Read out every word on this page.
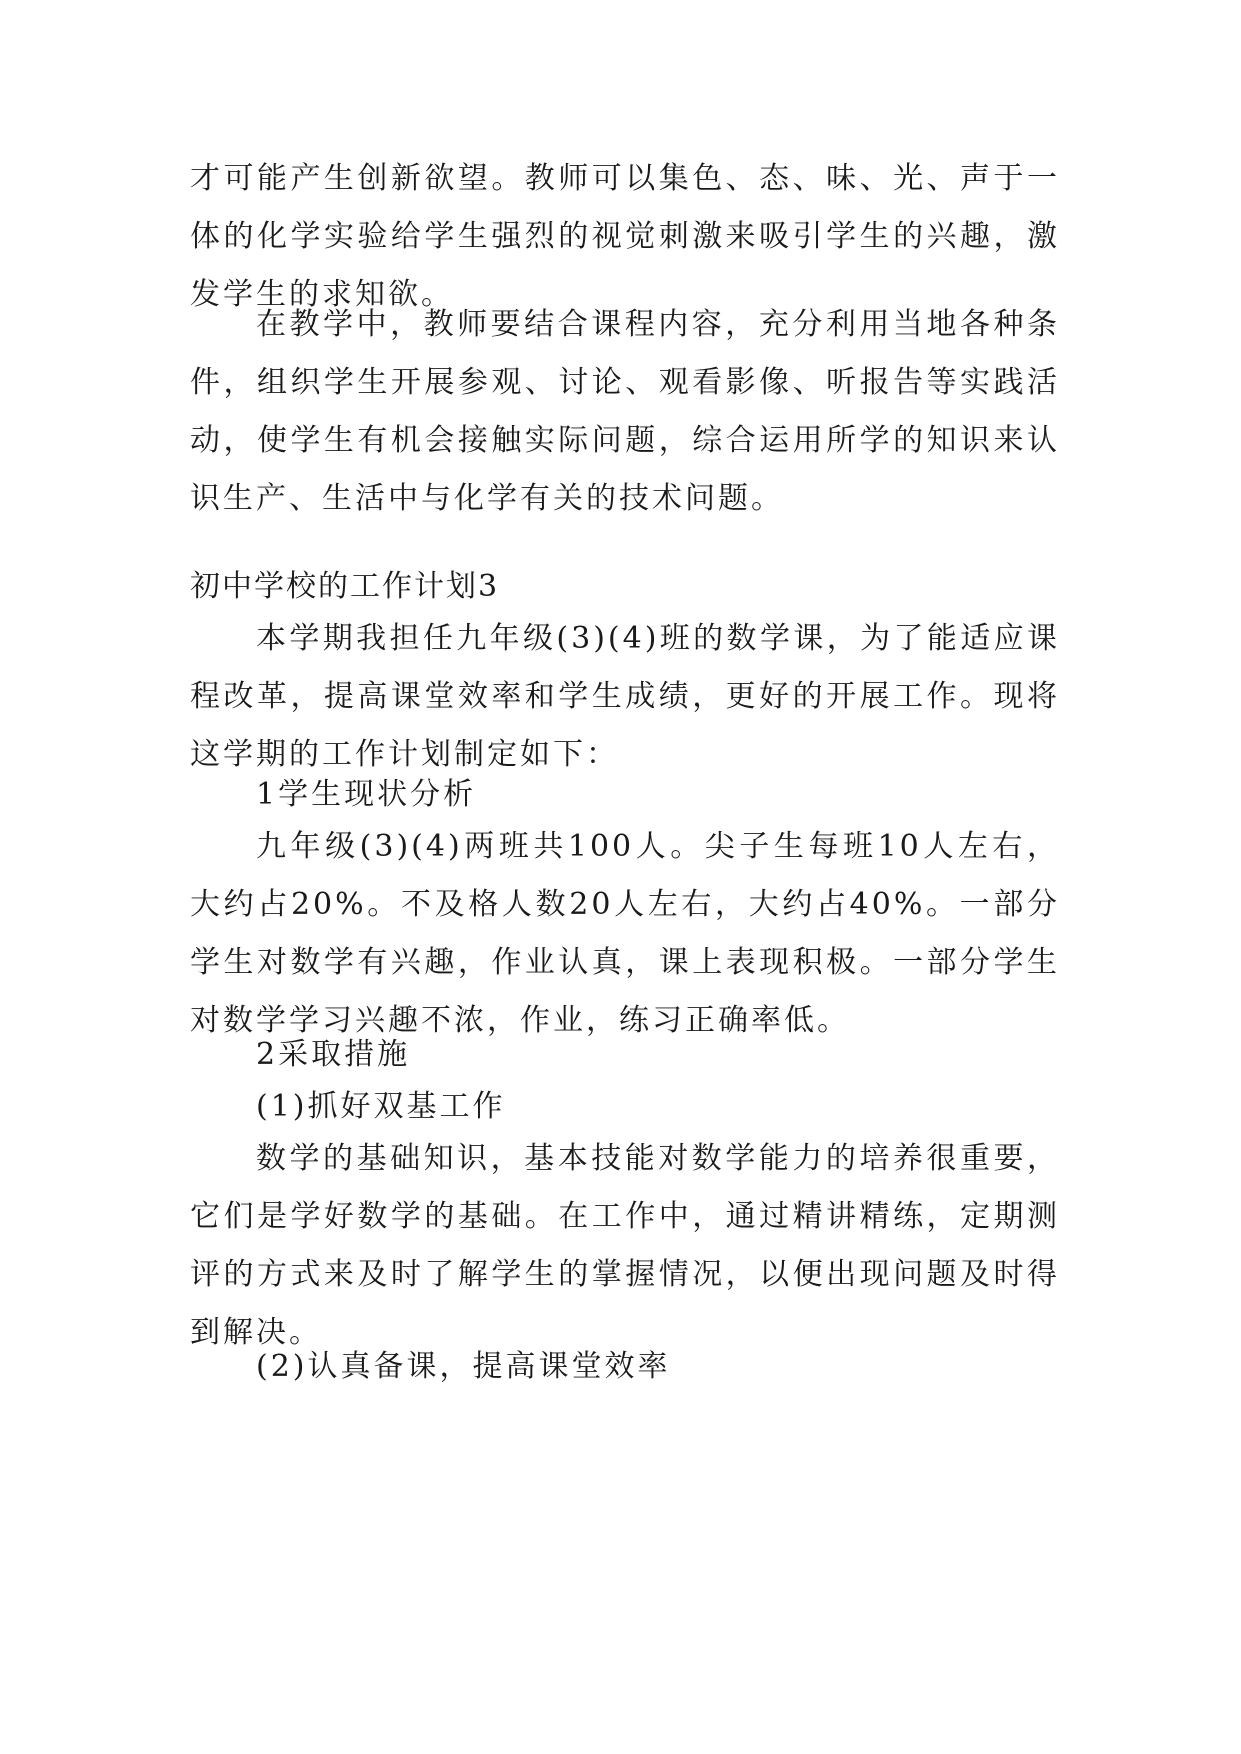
才可能产生创新欲望。教师可以集色、态、味、光、声于一体的化学实验给学生强烈的视觉刺激来吸引学生的兴趣，激发学生的求知欲。

在教学中，教师要结合课程内容，充分利用当地各种条件，组织学生开展参观、讨论、观看影像、听报告等实践活动，使学生有机会接触实际问题，综合运用所学的知识来认识生产、生活中与化学有关的技术问题。

初中学校的工作计划3

本学期我担任九年级(3)(4)班的数学课，为了能适应课程改革，提高课堂效率和学生成绩，更好的开展工作。现将这学期的工作计划制定如下：

1学生现状分析

九年级(3)(4)两班共100人。尖子生每班10人左右，大约占20%。不及格人数20人左右，大约占40%。一部分学生对数学有兴趣，作业认真，课上表现积极。一部分学生对数学学习兴趣不浓，作业，练习正确率低。

2采取措施

(1)抓好双基工作

数学的基础知识，基本技能对数学能力的培养很重要，它们是学好数学的基础。在工作中，通过精讲精练，定期测评的方式来及时了解学生的掌握情况，以便出现问题及时得到解决。

(2)认真备课，提高课堂效率
